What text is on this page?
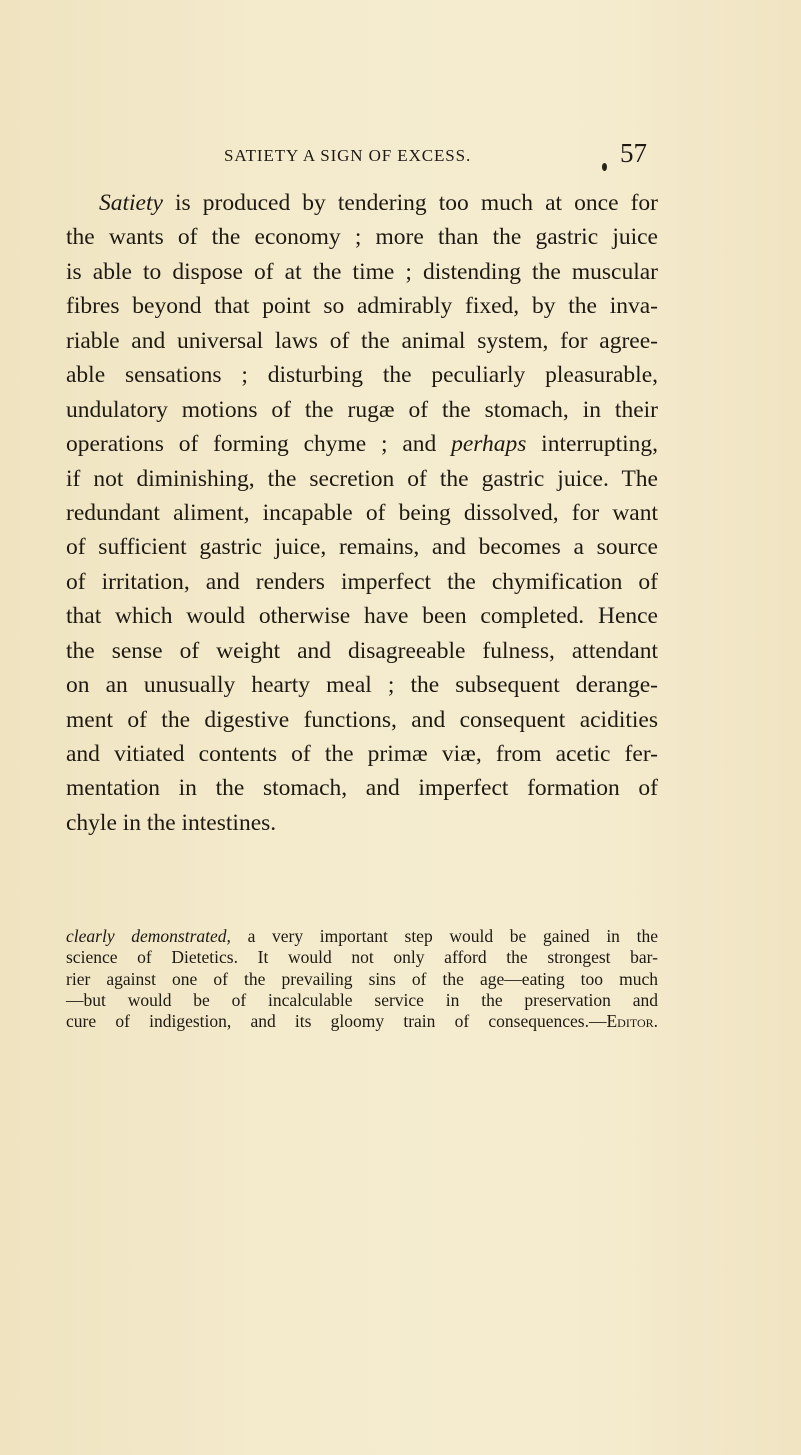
SATIETY A SIGN OF EXCESS.	57
Satiety is produced by tendering too much at once for
the wants of the economy ; more than the gastric juice
is able to dispose of at the time ; distending the muscular
fibres beyond that point so admirably fixed, by the inva-
riable and universal laws of the animal system, for agree-
able sensations ; disturbing the peculiarly pleasurable,
undulatory motions of the rugæ of the stomach, in their
operations of forming chyme ; and perhaps interrupting,
if not diminishing, the secretion of the gastric juice. The
redundant aliment, incapable of being dissolved, for want
of sufficient gastric juice, remains, and becomes a source
of irritation, and renders imperfect the chymification of
that which would otherwise have been completed. Hence
the sense of weight and disagreeable fulness, attendant
on an unusually hearty meal ; the subsequent derange-
ment of the digestive functions, and consequent acidities
and vitiated contents of the primæ viæ, from acetic fer-
mentation in the stomach, and imperfect formation of
chyle in the intestines.
clearly demonstrated, a very important step would be gained in the
science of Dietetics. It would not only afford the strongest bar-
rier against one of the prevailing sins of the age—eating too much
—but would be of incalculable service in the preservation and
cure of indigestion, and its gloomy train of consequences.—Editor.
